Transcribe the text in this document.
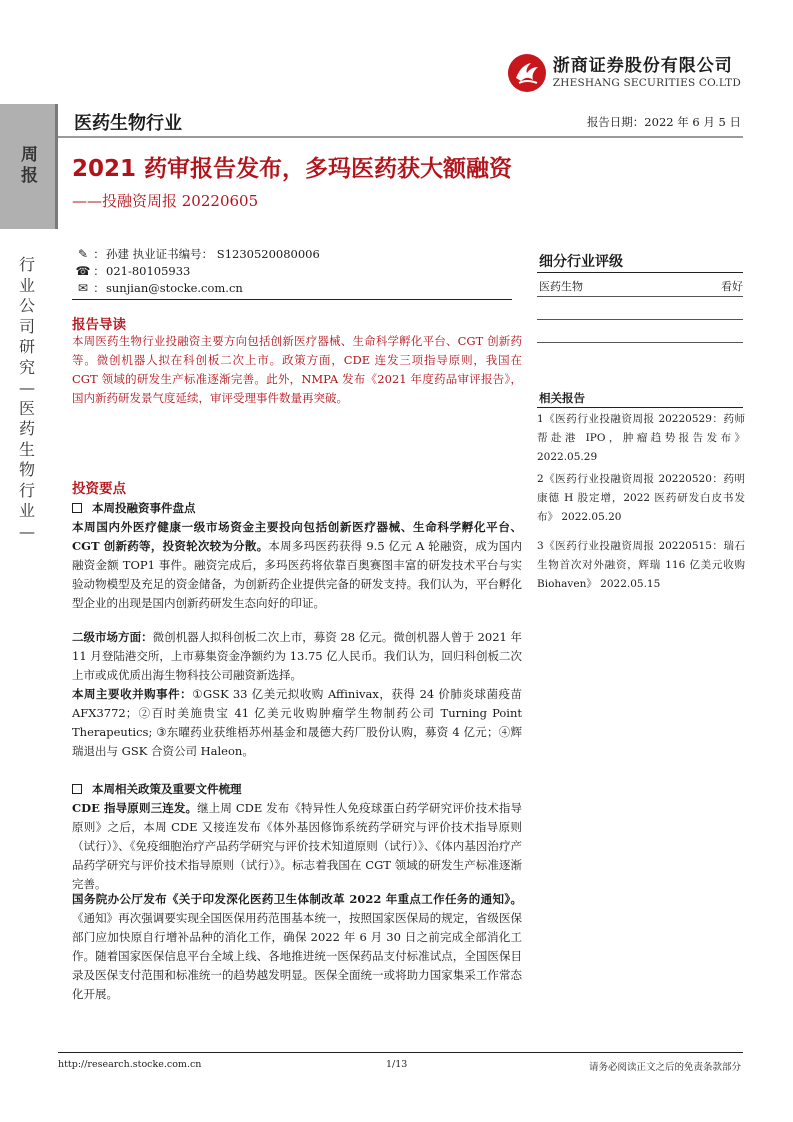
浙商证券股份有限公司
ZHESHANG SECURITIES CO.LTD
周报
行
业
公
司
研
究
—
医
药
生
物
行
业
—
医药生物行业	报告日期：2022 年 6 月 5 日
2021 药审报告发布，多玛医药获大额融资
——投融资周报 20220605
✎ ： 孙建 执业证书编号： S1230520080006
☎ ： 021-80105933
✉ ： sunjian@stocke.com.cn
报告导读
本周医药生物行业投融资主要方向包括创新医疗器械、生命科学孵化平台、CGT 创新药等。微创机器人拟在科创板二次上市。政策方面，CDE 连发三项指导原则，我国在 CGT 领域的研发生产标准逐渐完善。此外，NMPA 发布《2021 年度药品审评报告》，国内新药研发景气度延续，审评受理事件数量再突破。
投资要点
本周投融资事件盘点
本周国内外医疗健康一级市场资金主要投向包括创新医疗器械、生命科学孵化平台、CGT 创新药等，投资轮次较为分散。本周多玛医药获得 9.5 亿元 A 轮融资，成为国内融资金额 TOP1 事件。融资完成后，多玛医药将依靠百奥赛图丰富的研发技术平台与实验动物模型及充足的资金储备，为创新药企业提供完备的研发支持。我们认为，平台孵化型企业的出现是国内创新药研发生态向好的印证。
二级市场方面：微创机器人拟科创板二次上市，募资 28 亿元。微创机器人曾于 2021 年 11 月登陆港交所，上市募集资金净额约为 13.75 亿人民币。我们认为，回归科创板二次上市或成优质出海生物科技公司融资新选择。
本周主要收并购事件：①GSK 33 亿美元拟收购 Affinivax，获得 24 价肺炎球菌疫苗 AFX3772；②百时美施贵宝 41 亿美元收购肿瘤学生物制药公司 Turning Point Therapeutics; ③东曜药业获维梧苏州基金和晟德大药厂股份认购，募资 4 亿元；④辉瑞退出与 GSK 合资公司 Haleon。
本周相关政策及重要文件梳理
CDE 指导原则三连发。继上周 CDE 发布《特异性人免疫球蛋白药学研究评价技术指导原则》之后，本周 CDE 又接连发布《体外基因修饰系统药学研究与评价技术指导原则（试行）》、《免疫细胞治疗产品药学研究与评价技术知道原则（试行）》、《体内基因治疗产品药学研究与评价技术指导原则（试行）》。标志着我国在 CGT 领域的研发生产标准逐渐完善。
国务院办公厅发布《关于印发深化医药卫生体制改革 2022 年重点工作任务的通知》。《通知》再次强调要实现全国医保用药范围基本统一，按照国家医保局的规定，省级医保部门应加快原自行增补品种的消化工作，确保 2022 年 6 月 30 日之前完成全部消化工作。随着国家医保信息平台全域上线、各地推进统一医保药品支付标准试点，全国医保目录及医保支付范围和标准统一的趋势越发明显。医保全面统一或将助力国家集采工作常态化开展。
细分行业评级
医药生物	看好
相关报告
1《医药行业投融资周报 20220529：药师帮赴港 IPO，肿瘤趋势报告发布》 2022.05.29
2《医药行业投融资周报 20220520：药明康德 H 股定增，2022 医药研发白皮书发布》 2022.05.20
3《医药行业投融资周报 20220515：瑞石生物首次对外融资，辉瑞 116 亿美元收购 Biohaven》 2022.05.15
http://research.stocke.com.cn	1/13	请务必阅读正文之后的免责条款部分
